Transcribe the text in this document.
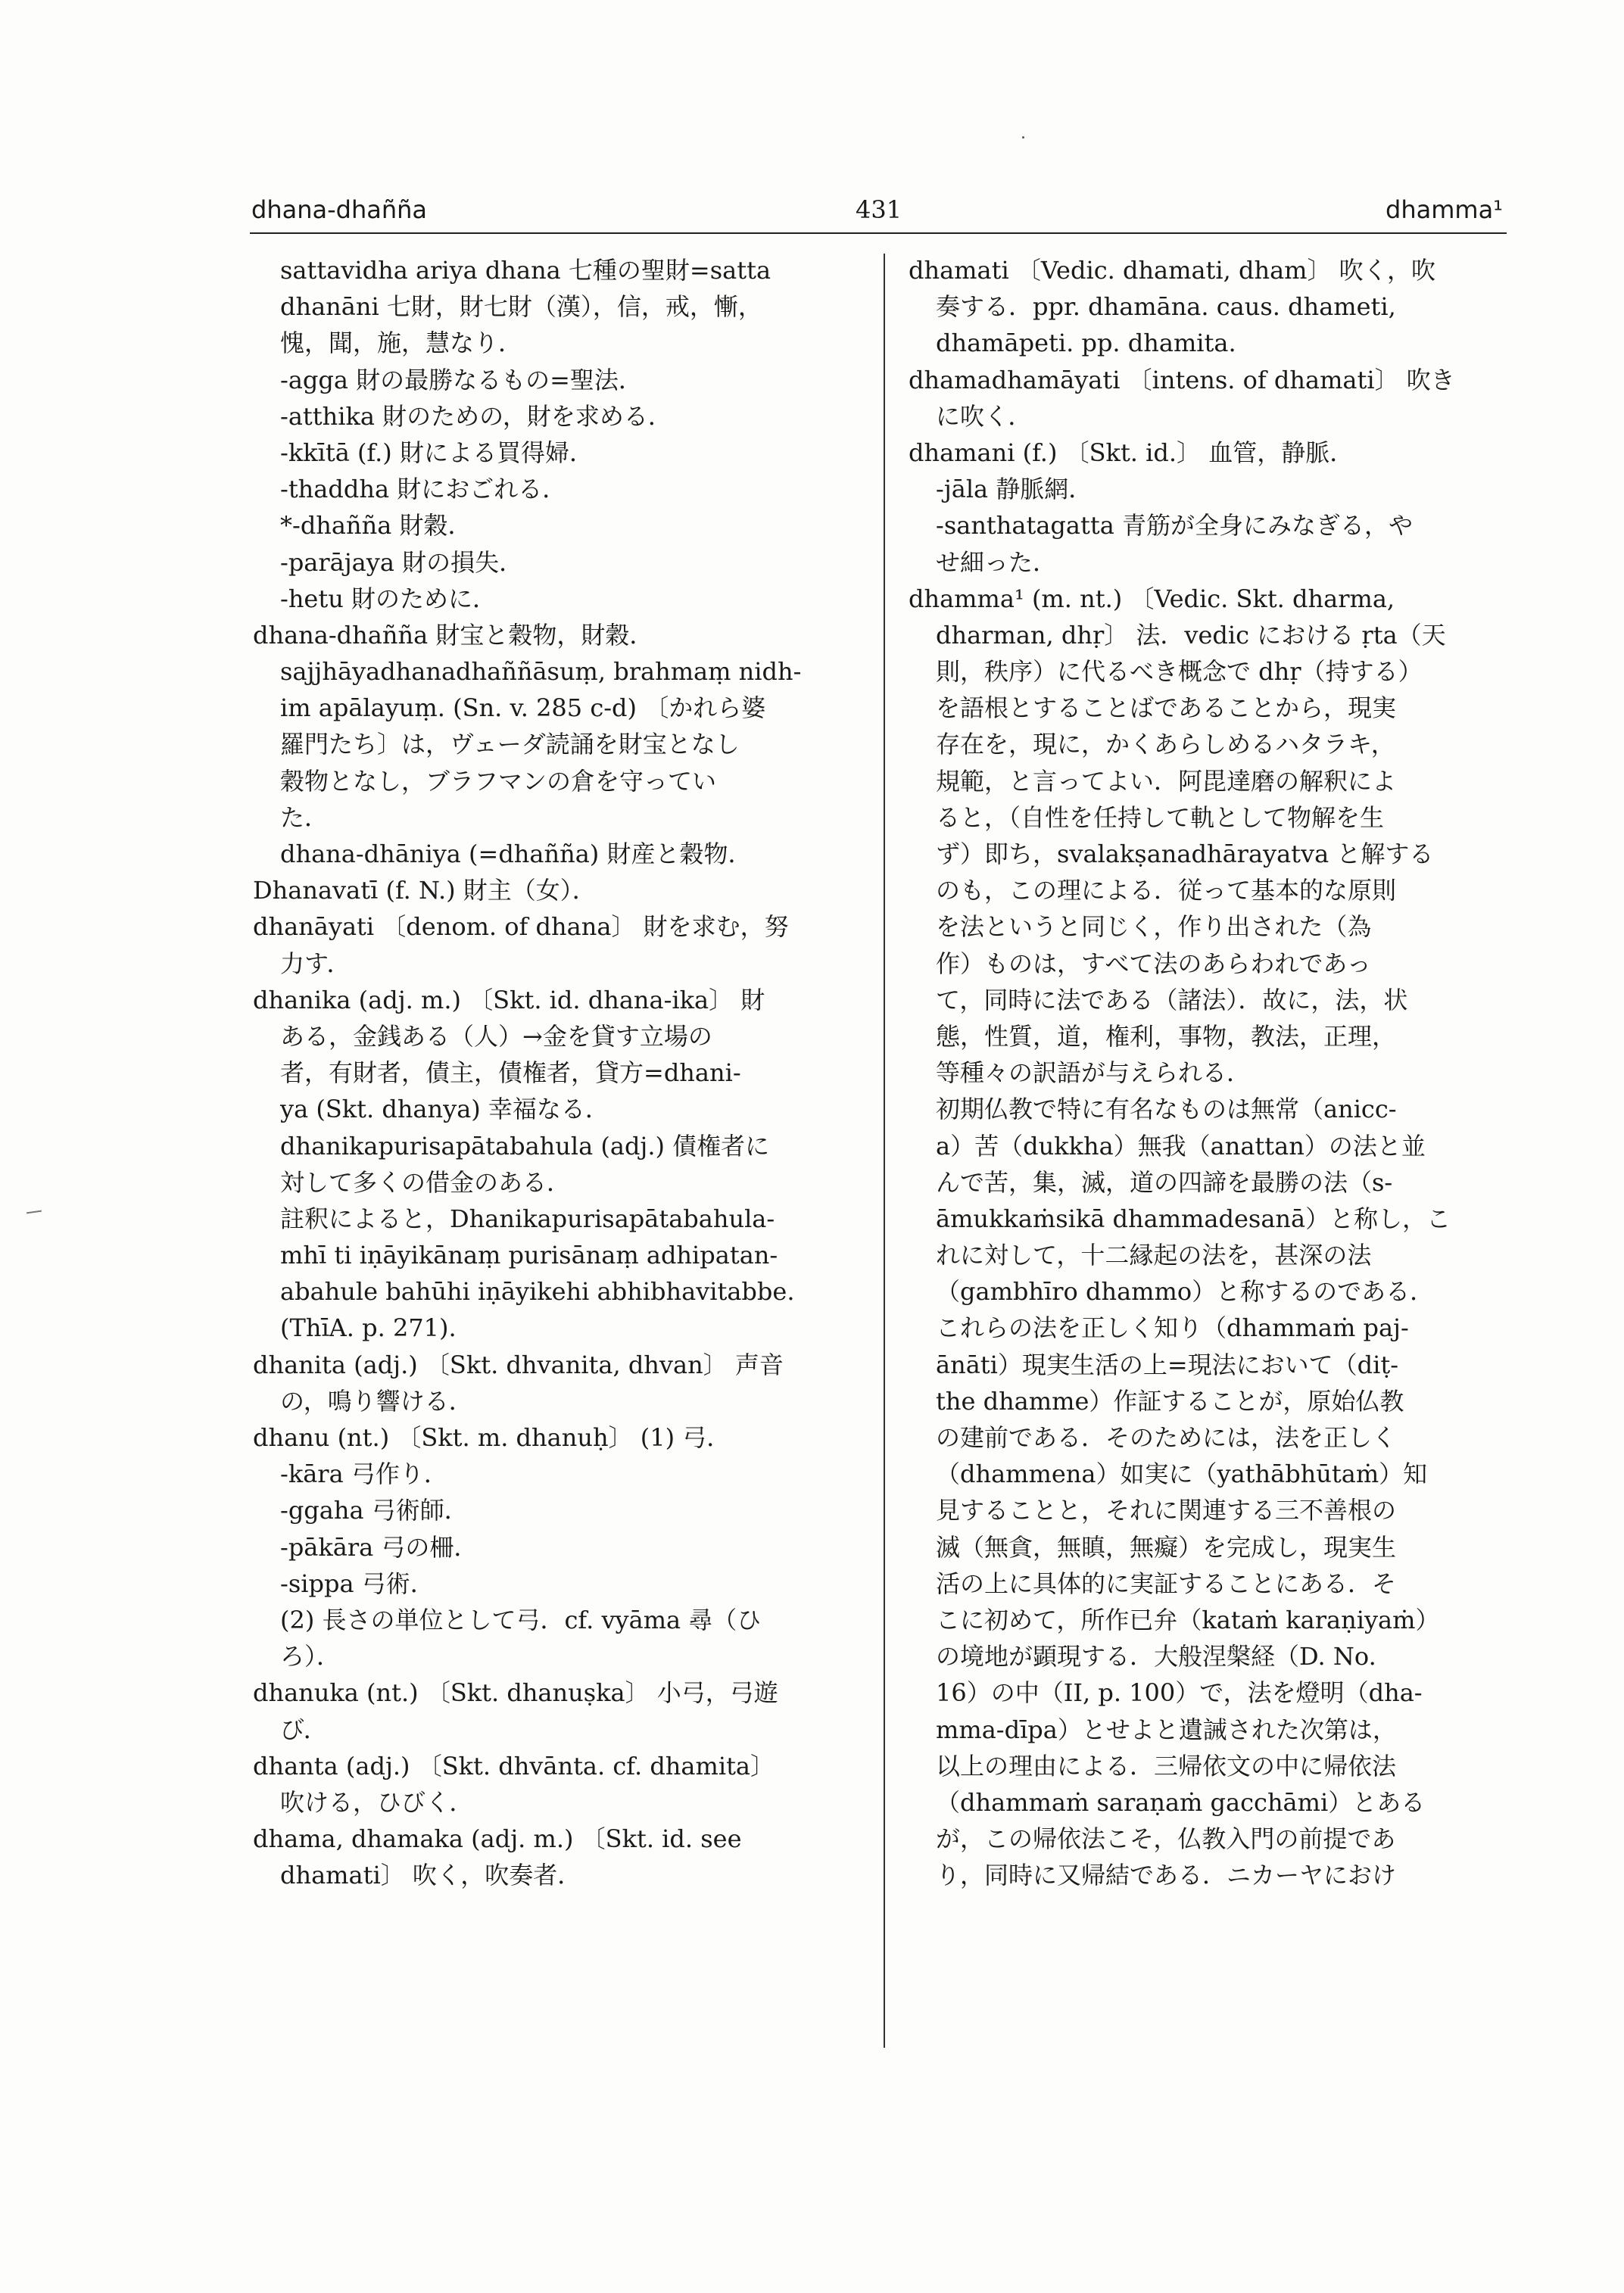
dhana-dhañña	431	dhamma¹
sattavidha ariya dhana 七種の聖財=satta
dhanāni 七財，財七財（漢），信，戒，慚，
愧，聞，施，慧なり．
-agga 財の最勝なるもの=聖法．
-atthika 財のための，財を求める．
-kkītā (f.) 財による買得婦．
-thaddha 財におごれる．
*-dhañña 財穀．
-parājaya 財の損失．
-hetu 財のために．
dhana-dhañña 財宝と穀物，財穀．
sajjhāyadhanadhaññāsuṃ, brahmaṃ nidh-
im apālayuṃ. (Sn. v. 285 c-d) 〔かれら婆
羅門たち〕は，ヴェーダ読誦を財宝となし
穀物となし，ブラフマンの倉を守ってい
た．
dhana-dhāniya (=dhañña) 財産と穀物．
Dhanavatī (f. N.) 財主（女）．
dhanāyati 〔denom. of dhana〕 財を求む，努
力す．
dhanika (adj. m.) 〔Skt. id. dhana-ika〕 財
ある，金銭ある（人）→金を貸す立場の
者，有財者，債主，債権者，貸方=dhani-
ya (Skt. dhanya) 幸福なる．
dhanikapurisapātabahula (adj.) 債権者に
対して多くの借金のある．
註釈によると，Dhanikapurisapātabahula-
mhī ti iṇāyikānaṃ purisānaṃ adhipatan-
abahule bahūhi iṇāyikehi abhibhavitabbe.
(ThīA. p. 271).
dhanita (adj.) 〔Skt. dhvanita, dhvan〕 声音
の，鳴り響ける．
dhanu (nt.) 〔Skt. m. dhanuḥ〕 (1) 弓．
-kāra 弓作り．
-ggaha 弓術師．
-pākāra 弓の柵．
-sippa 弓術．
(2) 長さの単位として弓．cf. vyāma 尋（ひ
ろ）．
dhanuka (nt.) 〔Skt. dhanuṣka〕 小弓，弓遊
び．
dhanta (adj.) 〔Skt. dhvānta. cf. dhamita〕
吹ける，ひびく．
dhama, dhamaka (adj. m.) 〔Skt. id. see
dhamati〕 吹く，吹奏者．
dhamati 〔Vedic. dhamati, dham〕 吹く，吹
奏する．ppr. dhamāna. caus. dhameti,
dhamāpeti. pp. dhamita.
dhamadhamāyati 〔intens. of dhamati〕 吹き
に吹く．
dhamani (f.) 〔Skt. id.〕 血管，静脈．
-jāla 静脈網．
-santhatagatta 青筋が全身にみなぎる，や
せ細った．
dhamma¹ (m. nt.) 〔Vedic. Skt. dharma,
dharman, dhṛ〕 法．vedic における ṛta（天
則，秩序）に代るべき概念で dhṛ（持する）
を語根とすることばであることから，現実
存在を，現に，かくあらしめるハタラキ，
規範，と言ってよい．阿毘達磨の解釈によ
ると，（自性を任持して軌として物解を生
ず）即ち，svalakṣanadhārayatva と解する
のも，この理による．従って基本的な原則
を法というと同じく，作り出された（為
作）ものは，すべて法のあらわれであっ
て，同時に法である（諸法）．故に，法，状
態，性質，道，権利，事物，教法，正理，
等種々の訳語が与えられる．
初期仏教で特に有名なものは無常（anicc-
a）苦（dukkha）無我（anattan）の法と並
んで苦，集，滅，道の四諦を最勝の法（s-
āmukkaṁsikā dhammadesanā）と称し，こ
れに対して，十二縁起の法を，甚深の法
（gambhīro dhammo）と称するのである．
これらの法を正しく知り（dhammaṁ paj-
ānāti）現実生活の上=現法において（diṭ-
the dhamme）作証することが，原始仏教
の建前である．そのためには，法を正しく
（dhammena）如実に（yathābhūtaṁ）知
見することと，それに関連する三不善根の
滅（無貪，無瞋，無癡）を完成し，現実生
活の上に具体的に実証することにある．そ
こに初めて，所作已弁（kataṁ karaṇiyaṁ）
の境地が顕現する．大般涅槃経（D. No.
16）の中（II, p. 100）で，法を燈明（dha-
mma-dīpa）とせよと遺誡された次第は，
以上の理由による．三帰依文の中に帰依法
（dhammaṁ saraṇaṁ gacchāmi）とある
が，この帰依法こそ，仏教入門の前提であ
り，同時に又帰結である．ニカーヤにおけ
